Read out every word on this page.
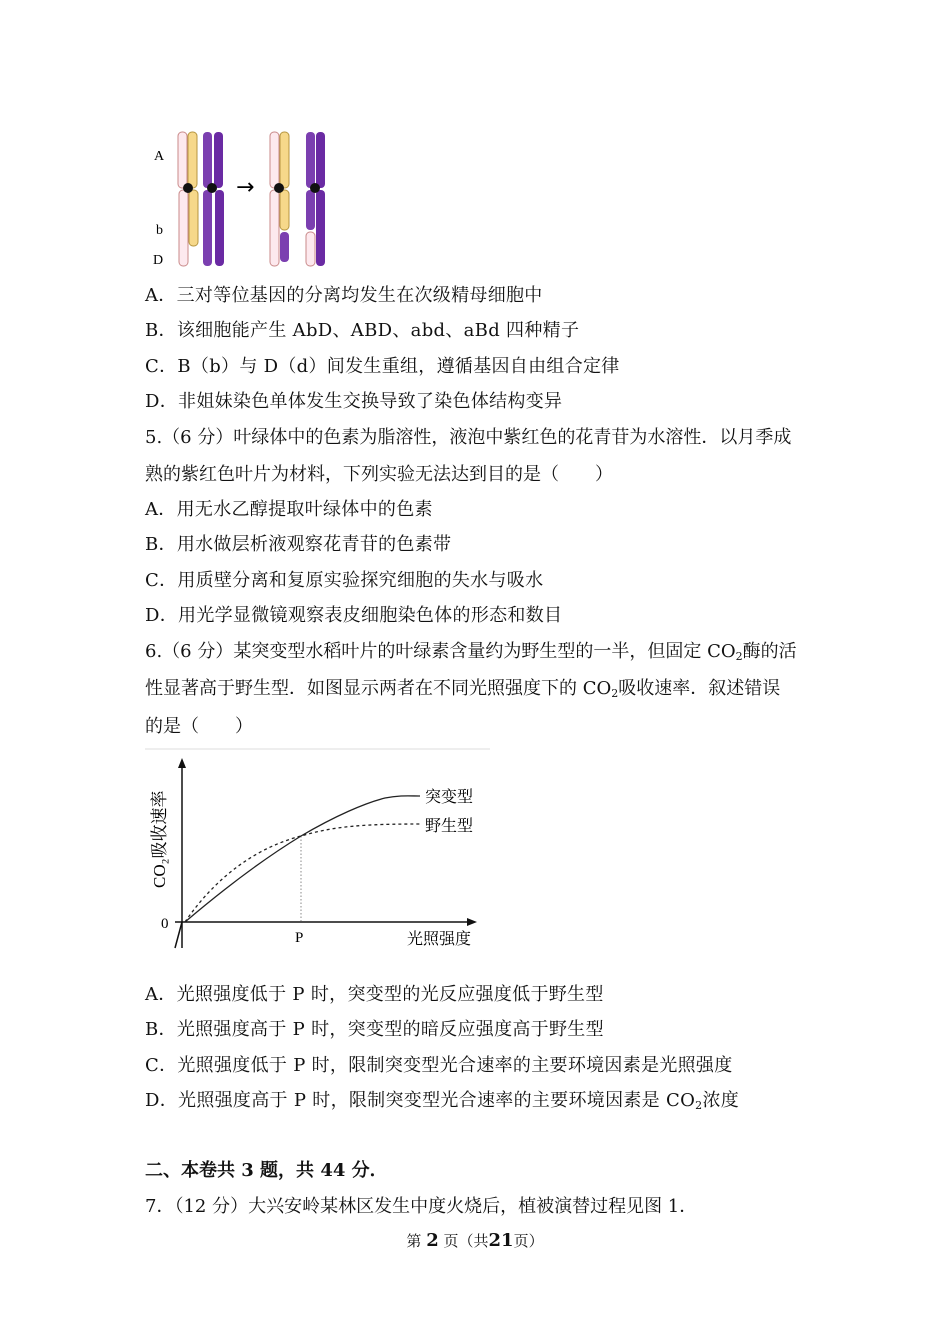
A
b
D
→
A．三对等位基因的分离均发生在次级精母细胞中
B．该细胞能产生 AbD、ABD、abd、aBd 四种精子
C．B（b）与 D（d）间发生重组，遵循基因自由组合定律
D．非姐妹染色单体发生交换导致了染色体结构变异
5.（6 分）叶绿体中的色素为脂溶性，液泡中紫红色的花青苷为水溶性．以月季成
熟的紫红色叶片为材料，下列实验无法达到目的是（　　）
A．用无水乙醇提取叶绿体中的色素
B．用水做层析液观察花青苷的色素带
C．用质壁分离和复原实验探究细胞的失水与吸水
D．用光学显微镜观察表皮细胞染色体的形态和数目
6.（6 分）某突变型水稻叶片的叶绿素含量约为野生型的一半，但固定 $CO_2$酶的活
性显著高于野生型．如图显示两者在不同光照强度下的 $CO_2$吸收速率．叙述错误
的是（　　）
CO₂吸收速率
0
P	光照强度
突变型
野生型
A．光照强度低于 P 时，突变型的光反应强度低于野生型
B．光照强度高于 P 时，突变型的暗反应强度高于野生型
C．光照强度低于 P 时，限制突变型光合速率的主要环境因素是光照强度
D．光照强度高于 P 时，限制突变型光合速率的主要环境因素是 $CO_2$浓度
二、本卷共 3 题，共 44 分．
7．（12 分）大兴安岭某林区发生中度火烧后，植被演替过程见图 1．
第 2 页（共21页）
